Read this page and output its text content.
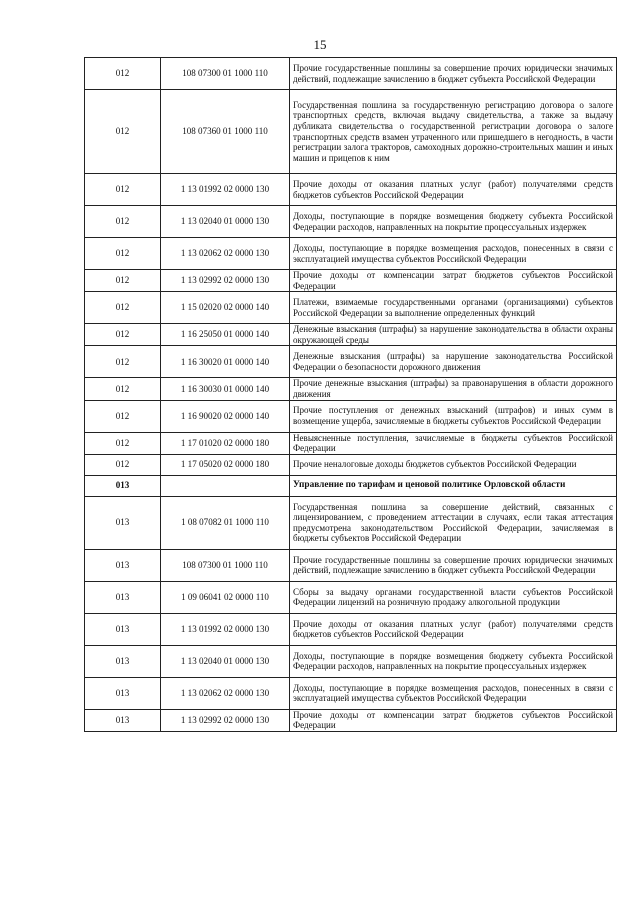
15
012	108 07300 01 1000 110	Прочие государственные пошлины за совершение прочих юридически значимых действий, подлежащие зачислению в бюджет субъекта Российской Федерации
012	108 07360 01 1000 110	Государственная пошлина за государственную регистрацию договора о залоге транспортных средств, включая выдачу свидетельства, а также за выдачу дубликата свидетельства о государственной регистрации договора о залоге транспортных средств взамен утраченного или пришедшего в негодность, в части регистрации залога тракторов, самоходных дорожно-строительных машин и иных машин и прицепов к ним
012	1 13 01992 02 0000 130	Прочие доходы от оказания платных услуг (работ) получателями средств бюджетов субъектов Российской Федерации
012	1 13 02040 01 0000 130	Доходы, поступающие в порядке возмещения бюджету субъекта Российской Федерации расходов, направленных на покрытие процессуальных издержек
012	1 13 02062 02 0000 130	Доходы, поступающие в порядке возмещения расходов, понесенных в связи с эксплуатацией имущества субъектов Российской Федерации
012	1 13 02992 02 0000 130	Прочие доходы от компенсации затрат бюджетов субъектов Российской Федерации
012	1 15 02020 02 0000 140	Платежи, взимаемые государственными органами (организациями) субъектов Российской Федерации за выполнение определенных функций
012	1 16 25050 01 0000 140	Денежные взыскания (штрафы) за нарушение законодательства в области охраны окружающей среды
012	1 16 30020 01 0000 140	Денежные взыскания (штрафы) за нарушение законодательства Российской Федерации о безопасности дорожного движения
012	1 16 30030 01 0000 140	Прочие денежные взыскания (штрафы) за правонарушения в области дорожного движения
012	1 16 90020 02 0000 140	Прочие поступления от денежных взысканий (штрафов) и иных сумм в возмещение ущерба, зачисляемые в бюджеты субъектов Российской Федерации
012	1 17 01020 02 0000 180	Невыясненные поступления, зачисляемые в бюджеты субъектов Российской Федерации
012	1 17 05020 02 0000 180	Прочие неналоговые доходы бюджетов субъектов Российской Федерации
013		Управление по тарифам и ценовой политике Орловской области
013	1 08 07082 01 1000 110	Государственная пошлина за совершение действий, связанных с лицензированием, с проведением аттестации в случаях, если такая аттестация предусмотрена законодательством Российской Федерации, зачисляемая в бюджеты субъектов Российской Федерации
013	108 07300 01 1000 110	Прочие государственные пошлины за совершение прочих юридически значимых действий, подлежащие зачислению в бюджет субъекта Российской Федерации
013	1 09 06041 02 0000 110	Сборы за выдачу органами государственной власти субъектов Российской Федерации лицензий на розничную продажу алкогольной продукции
013	1 13 01992 02 0000 130	Прочие доходы от оказания платных услуг (работ) получателями средств бюджетов субъектов Российской Федерации
013	1 13 02040 01 0000 130	Доходы, поступающие в порядке возмещения бюджету субъекта Российской Федерации расходов, направленных на покрытие процессуальных издержек
013	1 13 02062 02 0000 130	Доходы, поступающие в порядке возмещения расходов, понесенных в связи с эксплуатацией имущества субъектов Российской Федерации
013	1 13 02992 02 0000 130	Прочие доходы от компенсации затрат бюджетов субъектов Российской Федерации
